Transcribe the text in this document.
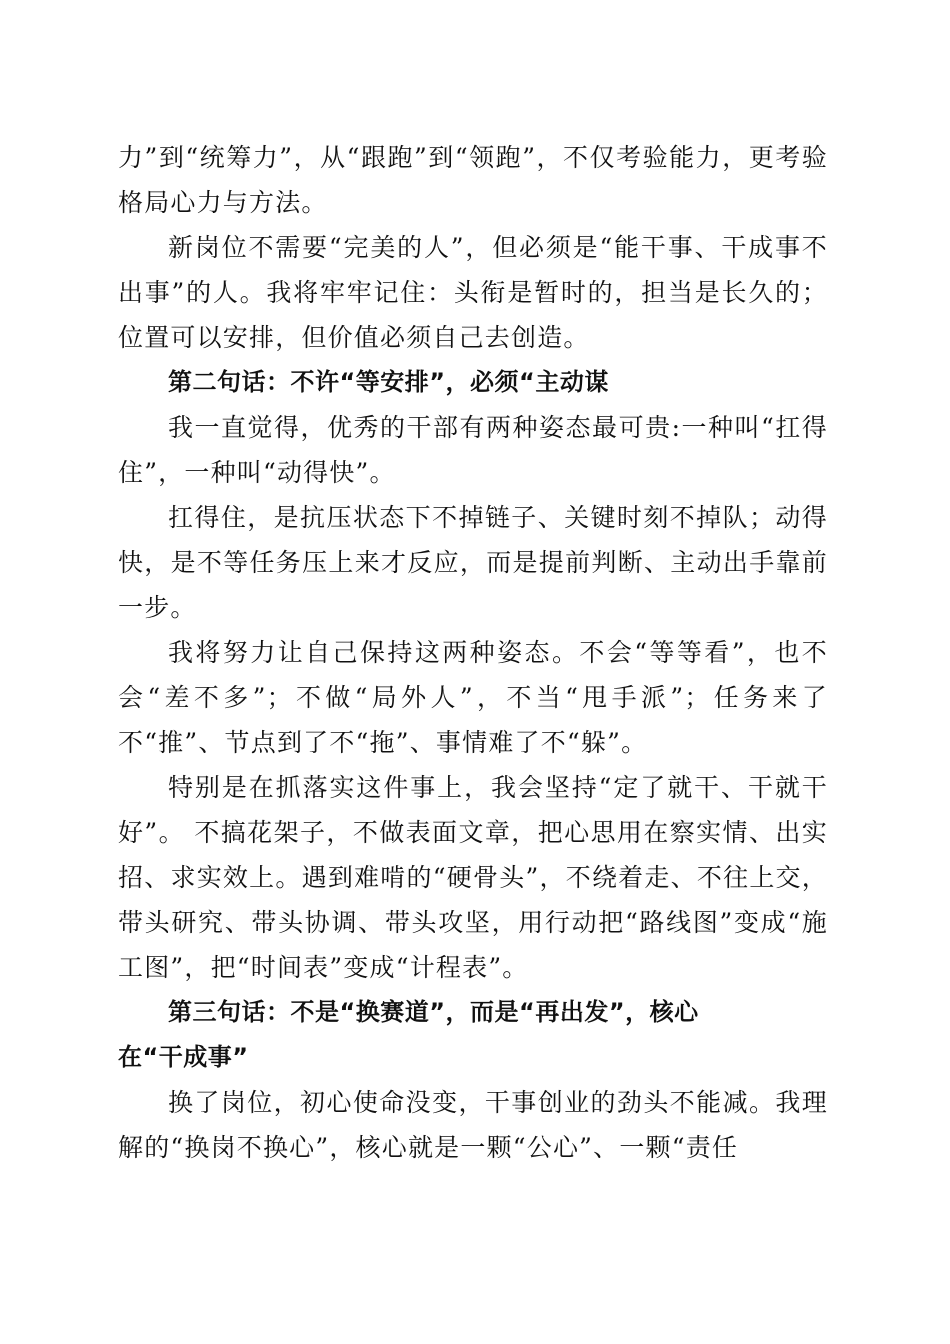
力”到“统筹力”，从“跟跑”到“领跑”，不仅考验能力，更考验格局心力与方法。

新岗位不需要“完美的人”，但必须是“能干事、干成事不出事”的人。我将牢牢记住：头衔是暂时的，担当是长久的；位置可以安排，但价值必须自己去创造。

第二句话：不许“等安排”，必须“主动谋

我一直觉得，优秀的干部有两种姿态最可贵:一种叫“扛得住”，一种叫“动得快”。

扛得住，是抗压状态下不掉链子、关键时刻不掉队；动得快，是不等任务压上来才反应，而是提前判断、主动出手靠前一步。

我将努力让自己保持这两种姿态。不会“等等看”，也不会“差不多”；不做“局外人”，不当“甩手派”；任务来了不“推”、节点到了不“拖”、事情难了不“躲”。

特别是在抓落实这件事上，我会坚持“定了就干、干就干好”。 不搞花架子，不做表面文章，把心思用在察实情、出实招、求实效上。遇到难啃的“硬骨头”，不绕着走、不往上交，带头研究、带头协调、带头攻坚，用行动把“路线图”变成“施工图”，把“时间表”变成“计程表”。

第三句话：不是“换赛道”，而是“再出发”，核心
在“干成事”

换了岗位，初心使命没变，干事创业的劲头不能减。我理解的“换岗不换心”，核心就是一颗“公心”、一颗“责任
